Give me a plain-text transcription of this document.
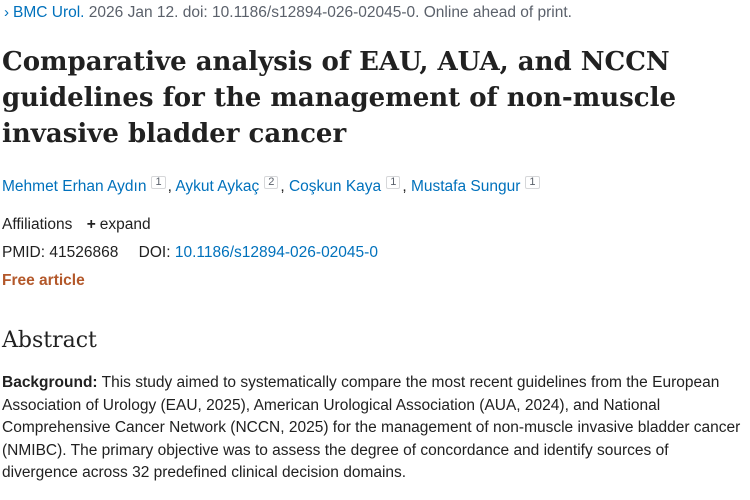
› BMC Urol. 2026 Jan 12. doi: 10.1186/s12894-026-02045-0. Online ahead of print.
Comparative analysis of EAU, AUA, and NCCN guidelines for the management of non-muscle invasive bladder cancer
Mehmet Erhan Aydın 1 , Aykut Aykaç 2 , Coşkun Kaya 1 , Mustafa Sungur 1
Affiliations + expand
PMID: 41526868 DOI: 10.1186/s12894-026-02045-0
Free article
Abstract

Background: This study aimed to systematically compare the most recent guidelines from the European Association of Urology (EAU, 2025), American Urological Association (AUA, 2024), and National Comprehensive Cancer Network (NCCN, 2025) for the management of non-muscle invasive bladder cancer (NMIBC). The primary objective was to assess the degree of concordance and identify sources of divergence across 32 predefined clinical decision domains.
